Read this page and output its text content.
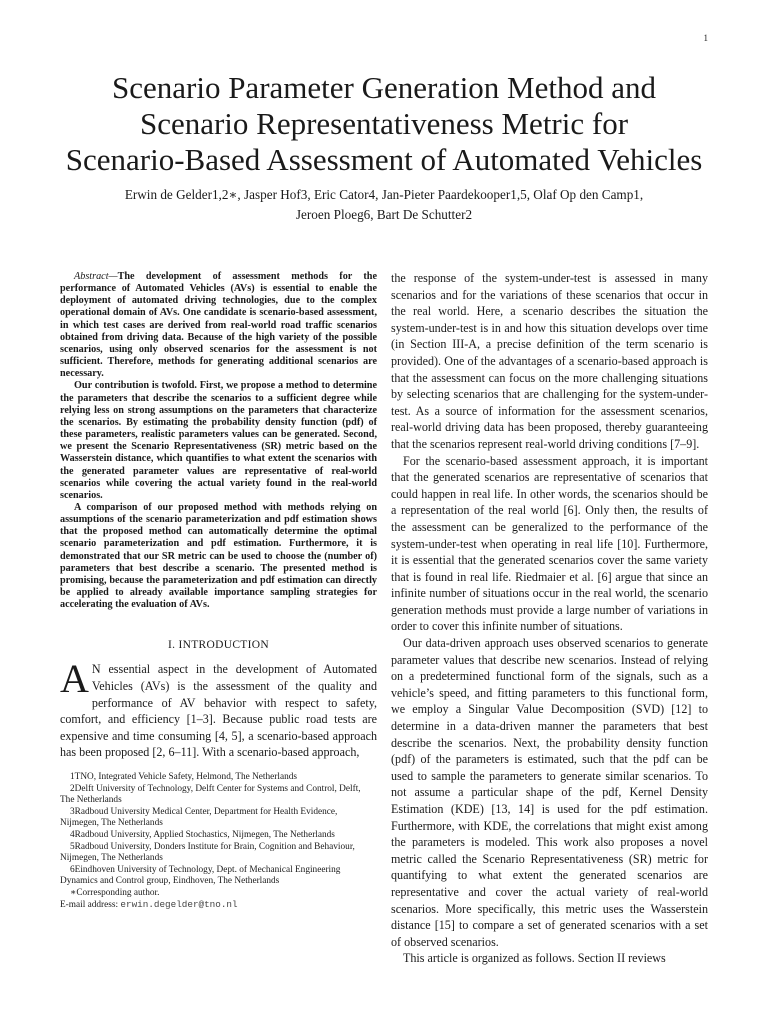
1
Scenario Parameter Generation Method and
Scenario Representativeness Metric for
Scenario-Based Assessment of Automated Vehicles
Erwin de Gelder1,2∗, Jasper Hof3, Eric Cator4, Jan-Pieter Paardekooper1,5, Olaf Op den Camp1,
Jeroen Ploeg6, Bart De Schutter2

Abstract—The development of assessment methods for the performance of Automated Vehicles (AVs) is essential to enable the deployment of automated driving technologies, due to the complex operational domain of AVs. One candidate is scenario-based assessment, in which test cases are derived from real-world road traffic scenarios obtained from driving data. Because of the high variety of the possible scenarios, using only observed scenarios for the assessment is not sufficient. Therefore, methods for generating additional scenarios are necessary.

Our contribution is twofold. First, we propose a method to determine the parameters that describe the scenarios to a sufficient degree while relying less on strong assumptions on the parameters that characterize the scenarios. By estimating the probability density function (pdf) of these parameters, realistic parameters values can be generated. Second, we present the Scenario Representativeness (SR) metric based on the Wasserstein distance, which quantifies to what extent the scenarios with the generated parameter values are representative of real-world scenarios while covering the actual variety found in the real-world scenarios.

A comparison of our proposed method with methods relying on assumptions of the scenario parameterization and pdf estimation shows that the proposed method can automatically determine the optimal scenario parameterization and pdf estimation. Furthermore, it is demonstrated that our SR metric can be used to choose the (number of) parameters that best describe a scenario. The presented method is promising, because the parameterization and pdf estimation can directly be applied to already available importance sampling strategies for accelerating the evaluation of AVs.

I. INTRODUCTION

A N essential aspect in the development of Automated Vehicles (AVs) is the assessment of the quality and performance of AV behavior with respect to safety, comfort, and efficiency [1–3]. Because public road tests are expensive and time consuming [4, 5], a scenario-based approach has been proposed [2, 6–11]. With a scenario-based approach,

1TNO, Integrated Vehicle Safety, Helmond, The Netherlands
2Delft University of Technology, Delft Center for Systems and Control, Delft, The Netherlands
3Radboud University Medical Center, Department for Health Evidence, Nijmegen, The Netherlands
4Radboud University, Applied Stochastics, Nijmegen, The Netherlands
5Radboud University, Donders Institute for Brain, Cognition and Behaviour, Nijmegen, The Netherlands
6Eindhoven University of Technology, Dept. of Mechanical Engineering Dynamics and Control group, Eindhoven, The Netherlands
∗Corresponding author.
E-mail address: erwin.degelder@tno.nl

the response of the system-under-test is assessed in many scenarios and for the variations of these scenarios that occur in the real world. Here, a scenario describes the situation the system-under-test is in and how this situation develops over time (in Section III-A, a precise definition of the term scenario is provided). One of the advantages of a scenario-based approach is that the assessment can focus on the more challenging situations by selecting scenarios that are challenging for the system-under-test. As a source of information for the assessment scenarios, real-world driving data has been proposed, thereby guaranteeing that the scenarios represent real-world driving conditions [7–9].

For the scenario-based assessment approach, it is important that the generated scenarios are representative of scenarios that could happen in real life. In other words, the scenarios should be a representation of the real world [6]. Only then, the results of the assessment can be generalized to the performance of the system-under-test when operating in real life [10]. Furthermore, it is essential that the generated scenarios cover the same variety that is found in real life. Riedmaier et al. [6] argue that since an infinite number of situations occur in the real world, the scenario generation methods must provide a large number of variations in order to cover this infinite number of situations.

Our data-driven approach uses observed scenarios to generate parameter values that describe new scenarios. Instead of relying on a predetermined functional form of the signals, such as a vehicle’s speed, and fitting parameters to this functional form, we employ a Singular Value Decomposition (SVD) [12] to determine in a data-driven manner the parameters that best describe the scenarios. Next, the probability density function (pdf) of the parameters is estimated, such that the pdf can be used to sample the parameters to generate similar scenarios. To not assume a particular shape of the pdf, Kernel Density Estimation (KDE) [13, 14] is used for the pdf estimation. Furthermore, with KDE, the correlations that might exist among the parameters is modeled. This work also proposes a novel metric called the Scenario Representativeness (SR) metric for quantifying to what extent the generated scenarios are representative and cover the actual variety of real-world scenarios. More specifically, this metric uses the Wasserstein distance [15] to compare a set of generated scenarios with a set of observed scenarios.

This article is organized as follows. Section II reviews
